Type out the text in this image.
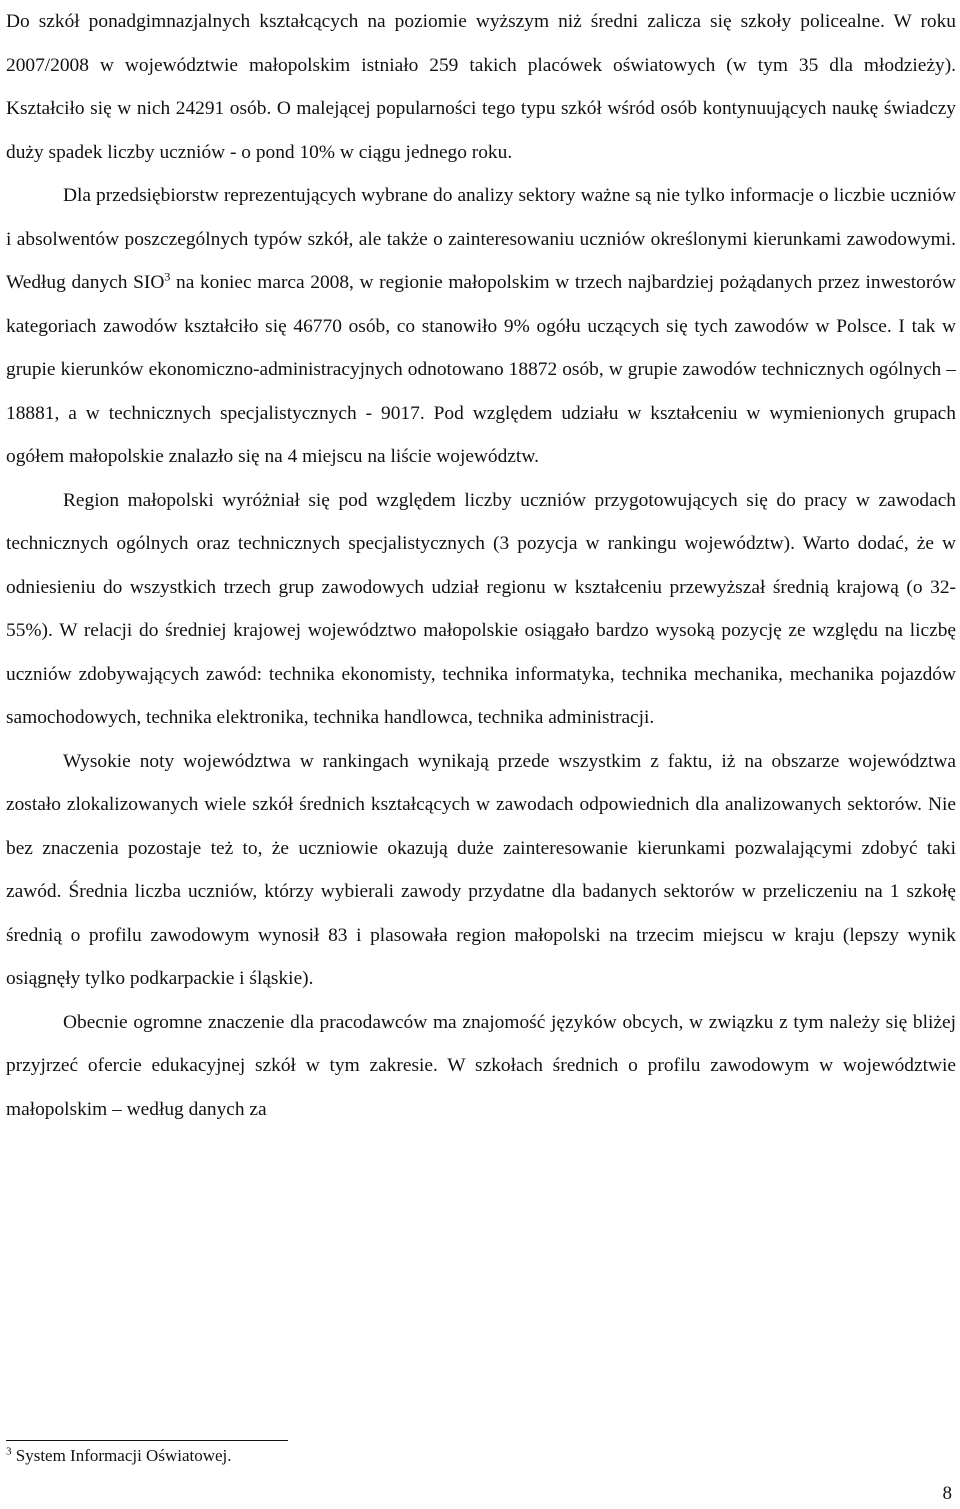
Do szkół ponadgimnazjalnych kształcących na poziomie wyższym niż średni zalicza się szkoły policealne. W roku 2007/2008 w województwie małopolskim istniało 259 takich placówek oświatowych (w tym 35 dla młodzieży). Kształciło się w nich 24291 osób. O malejącej popularności tego typu szkół wśród osób kontynuujących naukę świadczy duży spadek liczby uczniów - o pond 10% w ciągu jednego roku.

Dla przedsiębiorstw reprezentujących wybrane do analizy sektory ważne są nie tylko informacje o liczbie uczniów i absolwentów poszczególnych typów szkół, ale także o zainteresowaniu uczniów określonymi kierunkami zawodowymi. Według danych SIO$^3$ na koniec marca 2008, w regionie małopolskim w trzech najbardziej pożądanych przez inwestorów kategoriach zawodów kształciło się 46770 osób, co stanowiło 9% ogółu uczących się tych zawodów w Polsce. I tak w grupie kierunków ekonomiczno-administracyjnych odnotowano 18872 osób, w grupie zawodów technicznych ogólnych – 18881, a w technicznych specjalistycznych - 9017. Pod względem udziału w kształceniu w wymienionych grupach ogółem małopolskie znalazło się na 4 miejscu na liście województw.

Region małopolski wyróżniał się pod względem liczby uczniów przygotowujących się do pracy w zawodach technicznych ogólnych oraz technicznych specjalistycznych (3 pozycja w rankingu województw). Warto dodać, że w odniesieniu do wszystkich trzech grup zawodowych udział regionu w kształceniu przewyższał średnią krajową (o 32-55%). W relacji do średniej krajowej województwo małopolskie osiągało bardzo wysoką pozycję ze względu na liczbę uczniów zdobywających zawód: technika ekonomisty, technika informatyka, technika mechanika, mechanika pojazdów samochodowych, technika elektronika, technika handlowca, technika administracji.

Wysokie noty województwa w rankingach wynikają przede wszystkim z faktu, iż na obszarze województwa zostało zlokalizowanych wiele szkół średnich kształcących w zawodach odpowiednich dla analizowanych sektorów. Nie bez znaczenia pozostaje też to, że uczniowie okazują duże zainteresowanie kierunkami pozwalającymi zdobyć taki zawód. Średnia liczba uczniów, którzy wybierali zawody przydatne dla badanych sektorów w przeliczeniu na 1 szkołę średnią o profilu zawodowym wynosił 83 i plasowała region małopolski na trzecim miejscu w kraju (lepszy wynik osiągnęły tylko podkarpackie i śląskie).

Obecnie ogromne znaczenie dla pracodawców ma znajomość języków obcych, w związku z tym należy się bliżej przyjrzeć ofercie edukacyjnej szkół w tym zakresie. W szkołach średnich o profilu zawodowym w województwie małopolskim – według danych za

$^3$ System Informacji Oświatowej.
8
